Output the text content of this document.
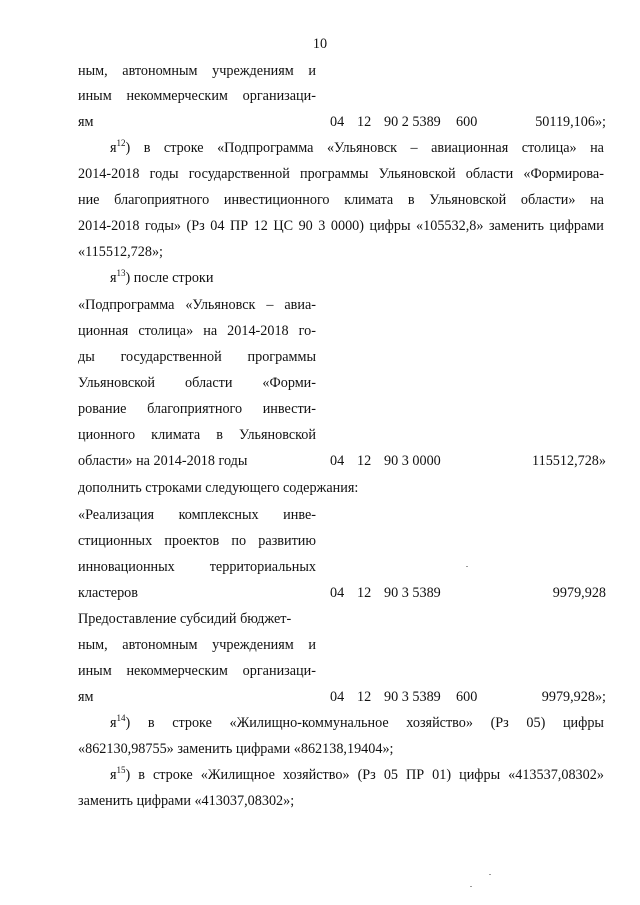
10
ным, автономным учреждениям и
иным некоммерческим организаци-
ям	04 12 90 2 5389 600	50119,106»;
$я^{12}$) в строке «Подпрограмма «Ульяновск – авиационная столица» на
2014-2018 годы государственной программы Ульяновской области «Формирова-
ние благоприятного инвестиционного климата в Ульяновской области» на
2014-2018 годы» (Рз 04 ПР 12 ЦС 90 3 0000) цифры «105532,8» заменить цифрами
«115512,728»;
$я^{13}$) после строки
«Подпрограмма «Ульяновск – авиа-
ционная столица» на 2014-2018 го-
ды государственной программы
Ульяновской области «Форми-
рование благоприятного инвести-
ционного климата в Ульяновской
области» на 2014-2018 годы	04 12 90 3 0000	115512,728»
дополнить строками следующего содержания:
«Реализация комплексных инве-
стиционных проектов по развитию
инновационных территориальных
кластеров	04 12 90 3 5389	9979,928
Предоставление субсидий бюджет-
ным, автономным учреждениям и
иным некоммерческим организаци-
ям	04 12 90 3 5389 600	9979,928»;
$я^{14}$) в строке «Жилищно-коммунальное хозяйство» (Рз 05) цифры
«862130,98755» заменить цифрами «862138,19404»;
$я^{15}$) в строке «Жилищное хозяйство» (Рз 05 ПР 01) цифры «413537,08302»
заменить цифрами «413037,08302»;
